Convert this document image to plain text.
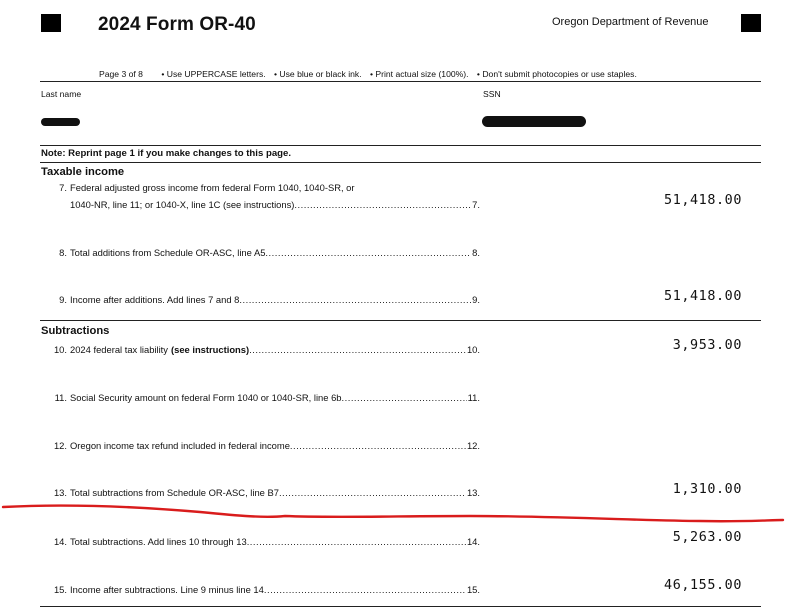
2024 Form OR-40	Oregon Department of Revenue
Page 3 of 8 • Use UPPERCASE letters. • Use blue or black ink. • Print actual size (100%). • Don't submit photocopies or use staples.
Last name	SSN
Note: Reprint page 1 if you make changes to this page.
Taxable income
7. Federal adjusted gross income from federal Form 1040, 1040-SR, or
1040-NR, line 11; or 1040-X, line 1C (see instructions) .....	7.	51,418.00
8. Total additions from Schedule OR-ASC, line A5 .....	8.
9. Income after additions. Add lines 7 and 8 .....	9.	51,418.00
Subtractions
10. 2024 federal tax liability (see instructions) .....	10.	3,953.00
11. Social Security amount on federal Form 1040 or 1040-SR, line 6b .....	11.
12. Oregon income tax refund included in federal income .....	12.
13. Total subtractions from Schedule OR-ASC, line B7 .....	13.	1,310.00
14. Total subtractions. Add lines 10 through 13 .....	14.	5,263.00
15. Income after subtractions. Line 9 minus line 14 .....	15.	46,155.00
